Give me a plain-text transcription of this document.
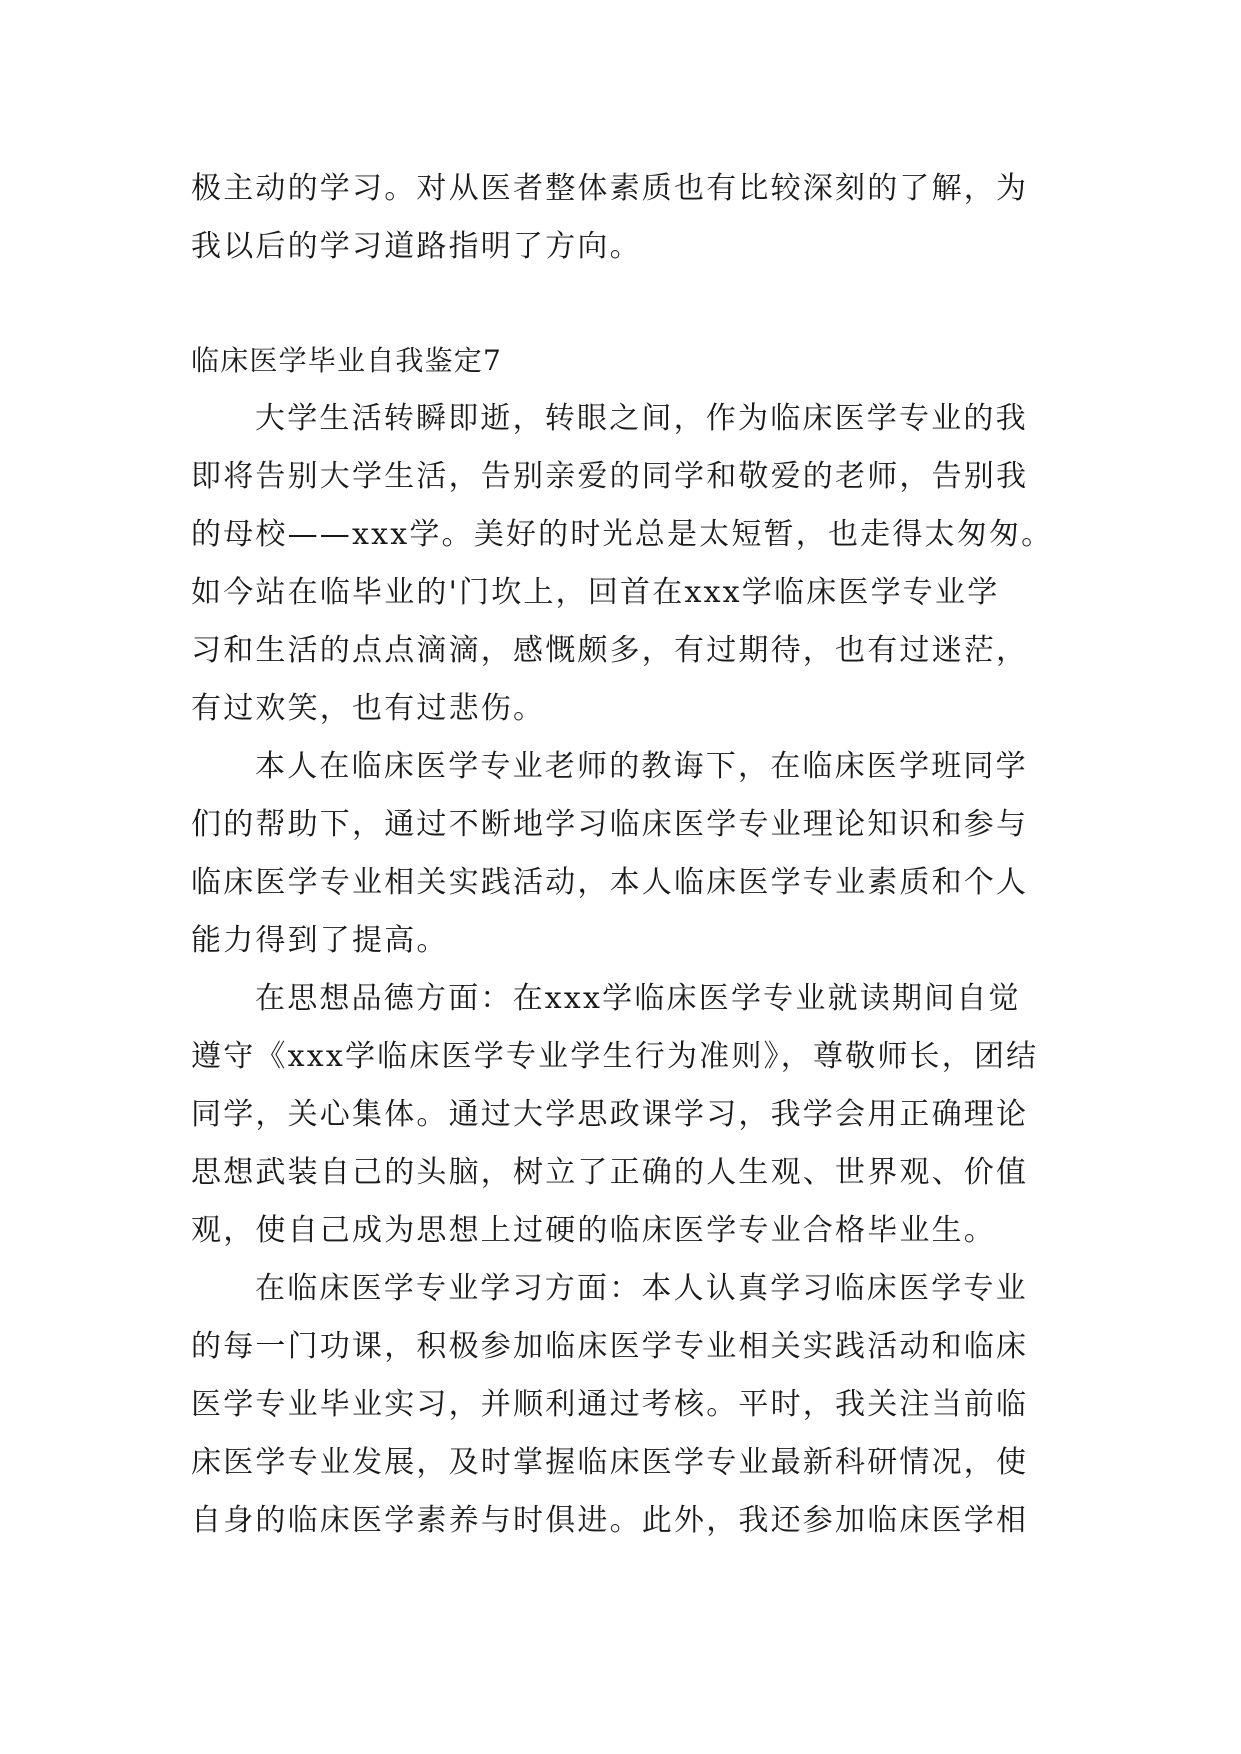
极主动的学习。对从医者整体素质也有比较深刻的了解，为
我以后的学习道路指明了方向。
临床医学毕业自我鉴定7
大学生活转瞬即逝，转眼之间，作为临床医学专业的我
即将告别大学生活，告别亲爱的同学和敬爱的老师，告别我
的母校——xxx学。美好的时光总是太短暂，也走得太匆匆。
如今站在临毕业的'门坎上，回首在xxx学临床医学专业学
习和生活的点点滴滴，感慨颇多，有过期待，也有过迷茫，
有过欢笑，也有过悲伤。
本人在临床医学专业老师的教诲下，在临床医学班同学
们的帮助下，通过不断地学习临床医学专业理论知识和参与
临床医学专业相关实践活动，本人临床医学专业素质和个人
能力得到了提高。
在思想品德方面：在xxx学临床医学专业就读期间自觉
遵守《xxx学临床医学专业学生行为准则》，尊敬师长，团结
同学，关心集体。通过大学思政课学习，我学会用正确理论
思想武装自己的头脑，树立了正确的人生观、世界观、价值
观，使自己成为思想上过硬的临床医学专业合格毕业生。
在临床医学专业学习方面：本人认真学习临床医学专业
的每一门功课，积极参加临床医学专业相关实践活动和临床
医学专业毕业实习，并顺利通过考核。平时，我关注当前临
床医学专业发展，及时掌握临床医学专业最新科研情况，使
自身的临床医学素养与时俱进。此外，我还参加临床医学相
